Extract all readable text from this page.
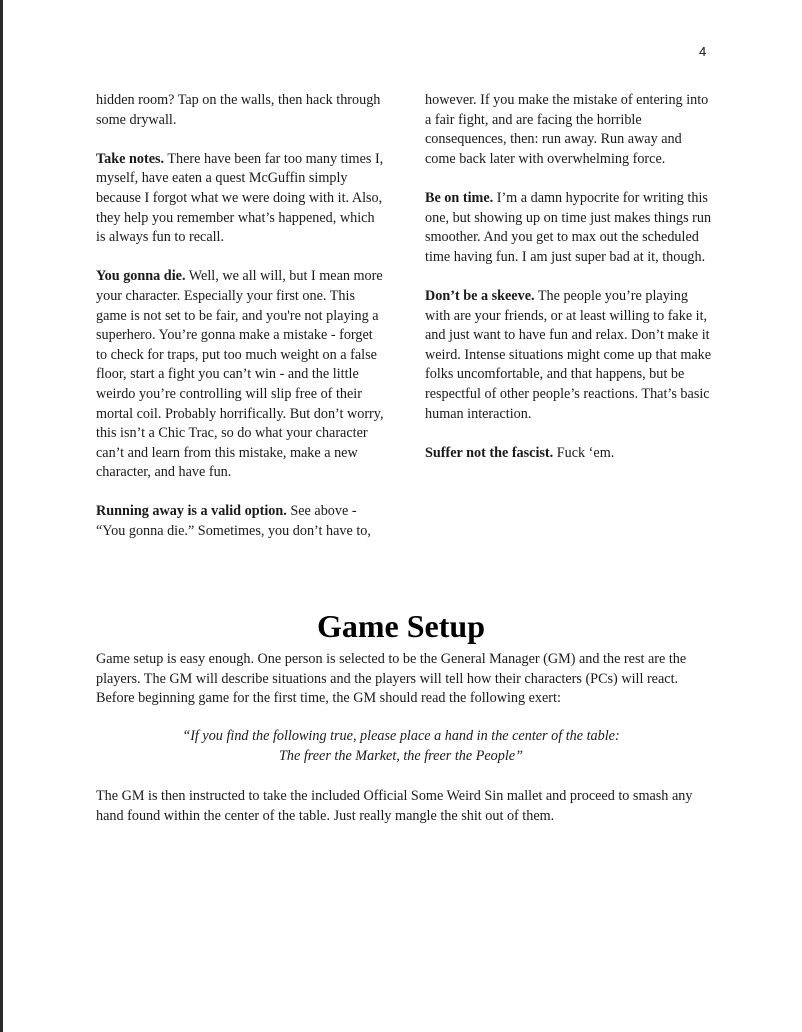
4

hidden room? Tap on the walls, then hack through some drywall.

Take notes. There have been far too many times I, myself, have eaten a quest McGuffin simply because I forgot what we were doing with it. Also, they help you remember what’s happened, which is always fun to recall.

You gonna die. Well, we all will, but I mean more your character. Especially your first one. This game is not set to be fair, and you're not playing a superhero. You’re gonna make a mistake - forget to check for traps, put too much weight on a false floor, start a fight you can’t win - and the little weirdo you’re controlling will slip free of their mortal coil. Probably horrifically. But don’t worry, this isn’t a Chic Trac, so do what your character can’t and learn from this mistake, make a new character, and have fun.

Running away is a valid option. See above - “You gonna die.” Sometimes, you don’t have to,

however. If you make the mistake of entering into a fair fight, and are facing the horrible consequences, then: run away. Run away and come back later with overwhelming force.

Be on time. I’m a damn hypocrite for writing this one, but showing up on time just makes things run smoother. And you get to max out the scheduled time having fun. I am just super bad at it, though.

Don’t be a skeeve. The people you’re playing with are your friends, or at least willing to fake it, and just want to have fun and relax. Don’t make it weird. Intense situations might come up that make folks uncomfortable, and that happens, but be respectful of other people’s reactions. That’s basic human interaction.

Suffer not the fascist. Fuck ‘em.

Game Setup

Game setup is easy enough. One person is selected to be the General Manager (GM) and the rest are the players. The GM will describe situations and the players will tell how their characters (PCs) will react. Before beginning game for the first time, the GM should read the following exert:

“If you find the following true, please place a hand in the center of the table:
The freer the Market, the freer the People”

The GM is then instructed to take the included Official Some Weird Sin mallet and proceed to smash any hand found within the center of the table. Just really mangle the shit out of them.
